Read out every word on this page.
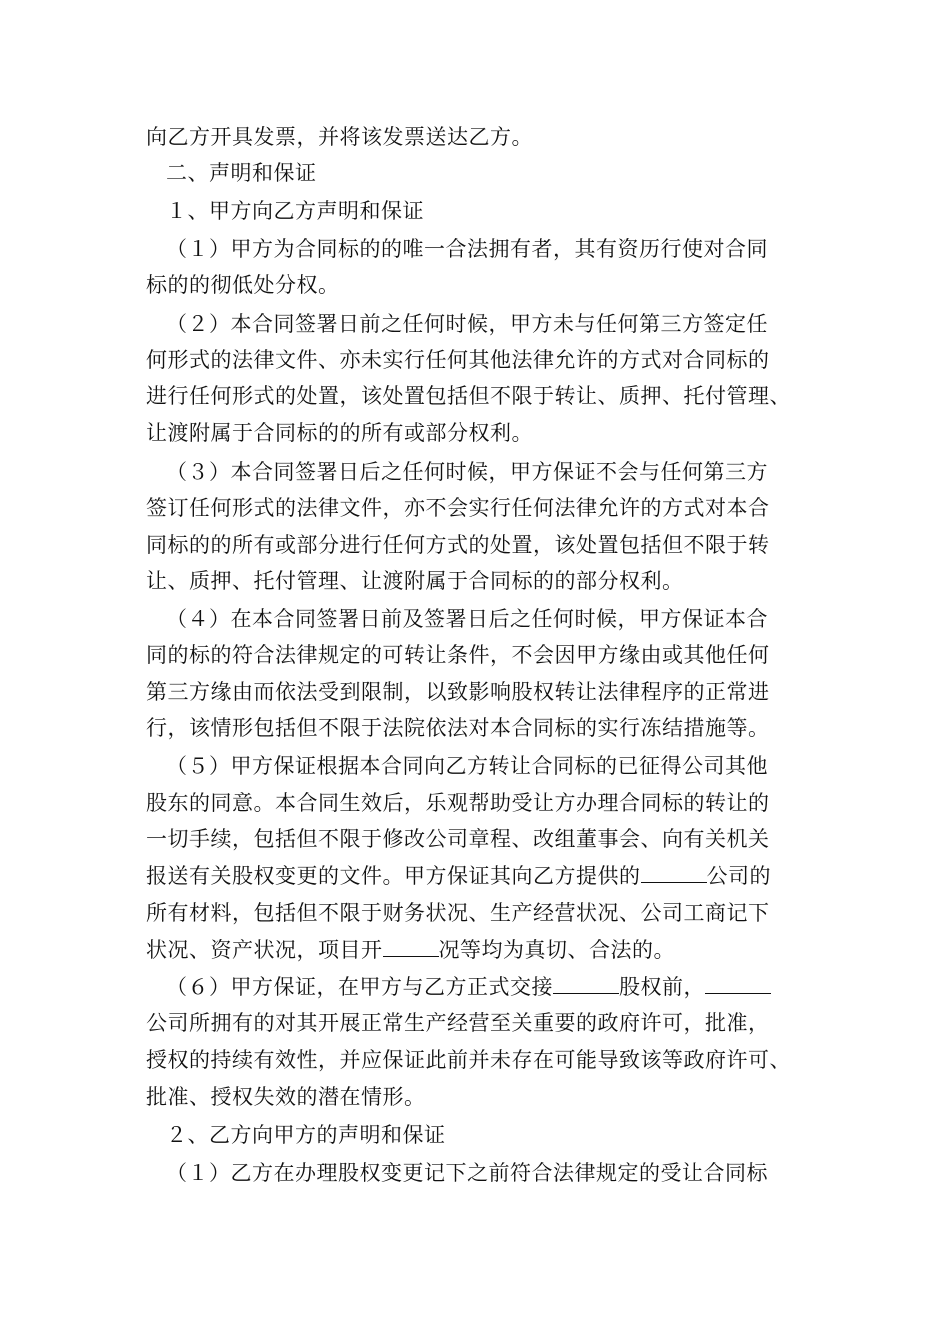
向乙方开具发票，并将该发票送达乙方。
二、声明和保证
１、甲方向乙方声明和保证
（１）甲方为合同标的的唯一合法拥有者，其有资历行使对合同
标的的彻低处分权。
（２）本合同签署日前之任何时候，甲方未与任何第三方签定任
何形式的法律文件、亦未实行任何其他法律允许的方式对合同标的
进行任何形式的处置，该处置包括但不限于转让、质押、托付管理、
让渡附属于合同标的的所有或部分权利。
（３）本合同签署日后之任何时候，甲方保证不会与任何第三方
签订任何形式的法律文件，亦不会实行任何法律允许的方式对本合
同标的的所有或部分进行任何方式的处置，该处置包括但不限于转
让、质押、托付管理、让渡附属于合同标的的部分权利。
（４）在本合同签署日前及签署日后之任何时候，甲方保证本合
同的标的符合法律规定的可转让条件，不会因甲方缘由或其他任何
第三方缘由而依法受到限制，以致影响股权转让法律程序的正常进
行，该情形包括但不限于法院依法对本合同标的实行冻结措施等。
（５）甲方保证根据本合同向乙方转让合同标的已征得公司其他
股东的同意。本合同生效后，乐观帮助受让方办理合同标的转让的
一切手续，包括但不限于修改公司章程、改组董事会、向有关机关
报送有关股权变更的文件。甲方保证其向乙方提供的	公司的
所有材料，包括但不限于财务状况、生产经营状况、公司工商记下
状况、资产状况，项目开	况等均为真切、合法的。
（６）甲方保证，在甲方与乙方正式交接	股权前，
公司所拥有的对其开展正常生产经营至关重要的政府许可，批准，
授权的持续有效性，并应保证此前并未存在可能导致该等政府许可、
批准、授权失效的潜在情形。
２、乙方向甲方的声明和保证
（１）乙方在办理股权变更记下之前符合法律规定的受让合同标
